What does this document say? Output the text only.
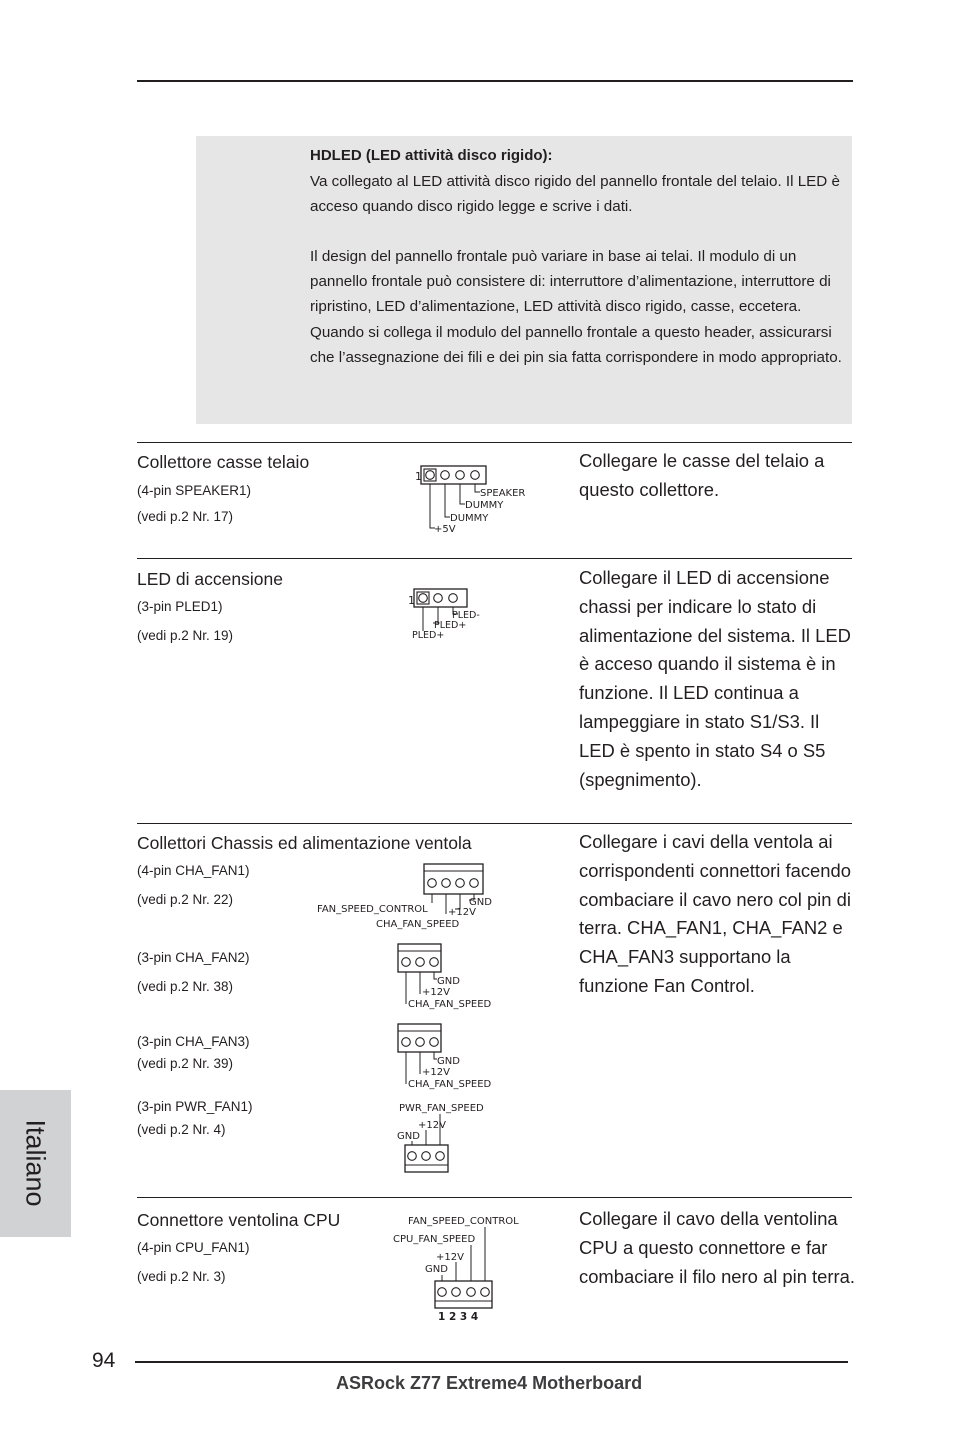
HDLED (LED attività disco rigido):
Va collegato al LED attività disco rigido del pannello frontale del telaio. Il LED è acceso quando disco rigido legge e scrive i dati.
Il design del pannello frontale può variare in base ai telai. Il modulo di un pannello frontale può consistere di: interruttore d’alimentazione, interruttore di ripristino, LED d’alimentazione, LED attività disco rigido, casse, eccetera. Quando si collega il modulo del pannello frontale a questo header, assicurarsi che l’assegnazione dei fili e dei pin sia fatta corrispondere in modo appropriato.
Collettore casse telaio
(4-pin SPEAKER1)
(vedi p.2 Nr. 17)
Collegare le casse del telaio a questo collettore.
1
SPEAKER
DUMMY
DUMMY
+5V
LED di accensione
(3-pin PLED1)
(vedi p.2 Nr. 19)
Collegare il LED di accensione chassi per indicare lo stato di alimentazione del sistema. Il LED è acceso quando il sistema è in funzione. Il LED continua a lampeggiare in stato S1/S3. Il LED è spento in stato S4 o S5 (spegnimento).
1
PLED-
PLED+
PLED+
Collettori Chassis ed alimentazione ventola	Collegare i cavi della ventola ai corrispondenti connettori facendo combaciare il cavo nero col pin di terra. CHA_FAN1, CHA_FAN2 e CHA_FAN3 supportano la funzione Fan Control.
(4-pin CHA_FAN1)
(vedi p.2 Nr. 22)
(3-pin CHA_FAN2)
(vedi p.2 Nr. 38)
(3-pin CHA_FAN3)
(vedi p.2 Nr. 39)
(3-pin PWR_FAN1)
(vedi p.2 Nr. 4)
GND
+12V
CHA_FAN_SPEED
FAN_SPEED_CONTROL
GND
+12V
CHA_FAN_SPEED
GND
+12V
CHA_FAN_SPEED
PWR_FAN_SPEED
+12V
GND
Connettore ventolina CPU
(4-pin CPU_FAN1)
(vedi p.2 Nr. 3)
Collegare il cavo della ventolina CPU a questo connettore e far combaciare il filo nero al pin terra.
FAN_SPEED_CONTROL
CPU_FAN_SPEED
+12V
GND
1 2 3 4
Italiano
94
ASRock Z77 Extreme4 Motherboard
